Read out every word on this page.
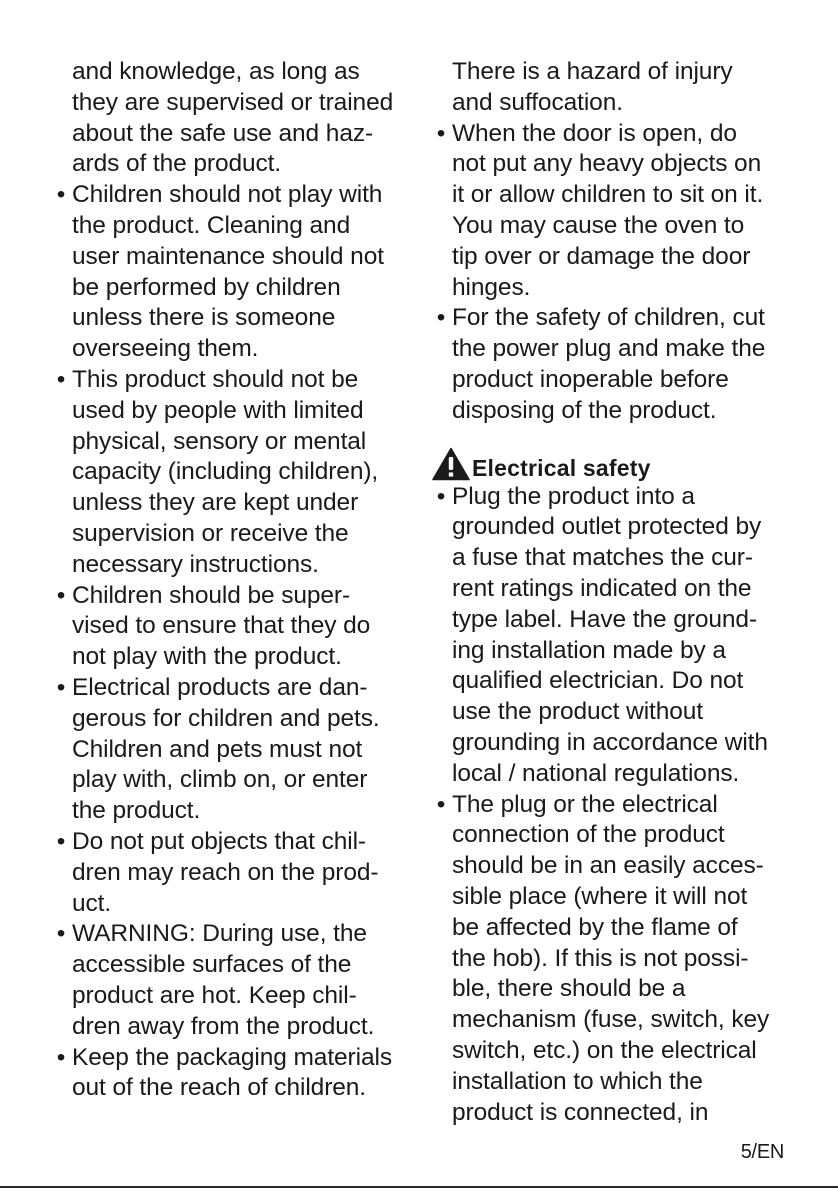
and knowledge, as long as
they are supervised or trained
about the safe use and haz-
ards of the product.

• Children should not play with
the product. Cleaning and
user maintenance should not
be performed by children
unless there is someone
overseeing them.
• This product should not be
used by people with limited
physical, sensory or mental
capacity (including children),
unless they are kept under
supervision or receive the
necessary instructions.
• Children should be super-
vised to ensure that they do
not play with the product.
• Electrical products are dan-
gerous for children and pets.
Children and pets must not
play with, climb on, or enter
the product.
• Do not put objects that chil-
dren may reach on the prod-
uct.
• WARNING: During use, the
accessible surfaces of the
product are hot. Keep chil-
dren away from the product.
• Keep the packaging materials
out of the reach of children.

There is a hazard of injury
and suffocation.

• When the door is open, do
not put any heavy objects on
it or allow children to sit on it.
You may cause the oven to
tip over or damage the door
hinges.
• For the safety of children, cut
the power plug and make the
product inoperable before
disposing of the product.
Electrical safety
• Plug the product into a
grounded outlet protected by
a fuse that matches the cur-
rent ratings indicated on the
type label. Have the ground-
ing installation made by a
qualified electrician. Do not
use the product without
grounding in accordance with
local / national regulations.
• The plug or the electrical
connection of the product
should be in an easily acces-
sible place (where it will not
be affected by the flame of
the hob). If this is not possi-
ble, there should be a
mechanism (fuse, switch, key
switch, etc.) on the electrical
installation to which the
product is connected, in
5/EN
